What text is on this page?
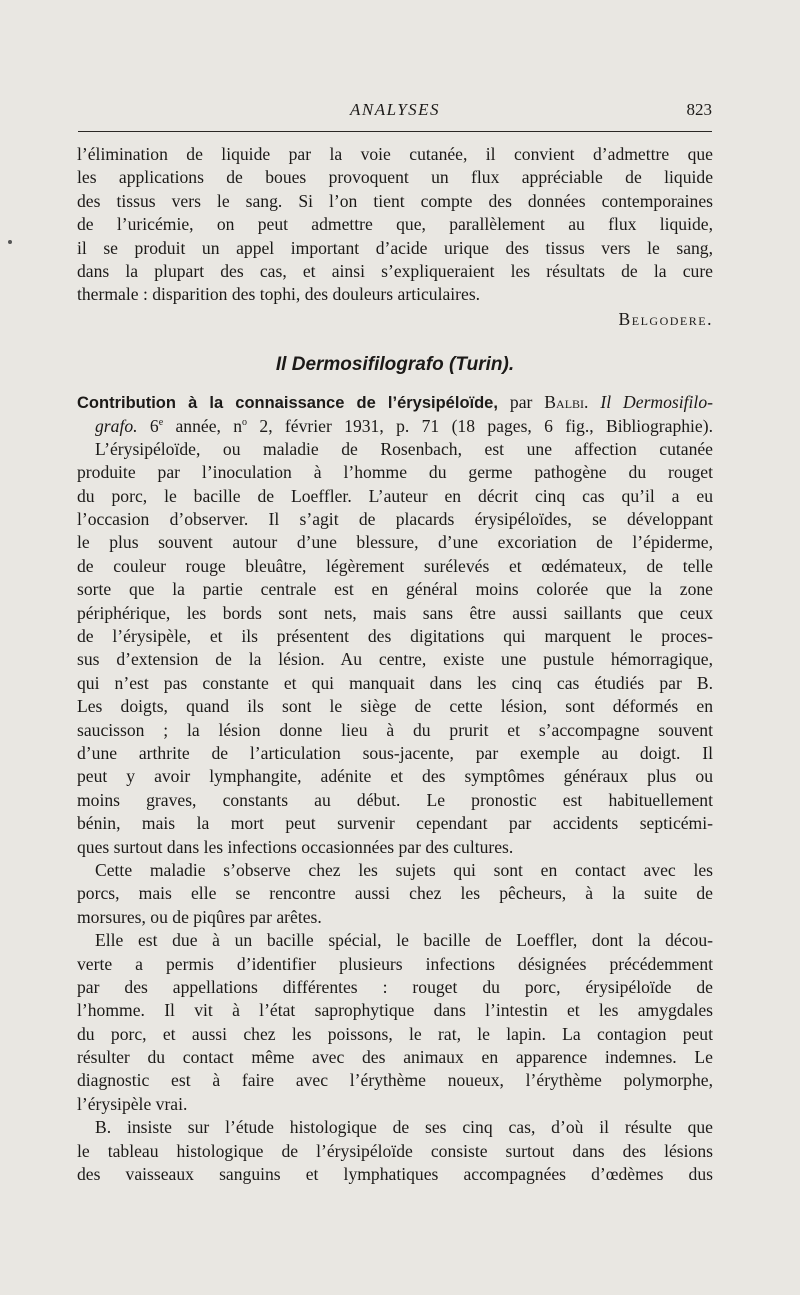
ANALYSES	823
l’élimination de liquide par la voie cutanée, il convient d’admettre que
les applications de boues provoquent un flux appréciable de liquide
des tissus vers le sang. Si l’on tient compte des données contemporaines
de l’uricémie, on peut admettre que, parallèlement au flux liquide,
il se produit un appel important d’acide urique des tissus vers le sang,
dans la plupart des cas, et ainsi s’expliqueraient les résultats de la cure
thermale : disparition des tophi, des douleurs articulaires.
Belgodere.
Il Dermosifilografo (Turin).
Contribution à la connaissance de l’érysipéloïde, par Balbi. Il Dermosifilo-
grafo. 6e année, $n^o$ 2, février 1931, p. 71 (18 pages, 6 fig., Bibliographie).
L’érysipéloïde, ou maladie de Rosenbach, est une affection cutanée
produite par l’inoculation à l’homme du germe pathogène du rouget
du porc, le bacille de Loeffler. L’auteur en décrit cinq cas qu’il a eu
l’occasion d’observer. Il s’agit de placards érysipéloïdes, se développant
le plus souvent autour d’une blessure, d’une excoriation de l’épiderme,
de couleur rouge bleuâtre, légèrement surélevés et œdémateux, de telle
sorte que la partie centrale est en général moins colorée que la zone
périphérique, les bords sont nets, mais sans être aussi saillants que ceux
de l’érysipèle, et ils présentent des digitations qui marquent le proces-
sus d’extension de la lésion. Au centre, existe une pustule hémorragique,
qui n’est pas constante et qui manquait dans les cinq cas étudiés par B.
Les doigts, quand ils sont le siège de cette lésion, sont déformés en
saucisson ; la lésion donne lieu à du prurit et s’accompagne souvent
d’une arthrite de l’articulation sous-jacente, par exemple au doigt. Il
peut y avoir lymphangite, adénite et des symptômes généraux plus ou
moins graves, constants au début. Le pronostic est habituellement
bénin, mais la mort peut survenir cependant par accidents septicémi-
ques surtout dans les infections occasionnées par des cultures.
Cette maladie s’observe chez les sujets qui sont en contact avec les
porcs, mais elle se rencontre aussi chez les pêcheurs, à la suite de
morsures, ou de piqûres par arêtes.
Elle est due à un bacille spécial, le bacille de Loeffler, dont la décou-
verte a permis d’identifier plusieurs infections désignées précédemment
par des appellations différentes : rouget du porc, érysipéloïde de
l’homme. Il vit à l’état saprophytique dans l’intestin et les amygdales
du porc, et aussi chez les poissons, le rat, le lapin. La contagion peut
résulter du contact même avec des animaux en apparence indemnes. Le
diagnostic est à faire avec l’érythème noueux, l’érythème polymorphe,
l’érysipèle vrai.
B. insiste sur l’étude histologique de ses cinq cas, d’où il résulte que
le tableau histologique de l’érysipéloïde consiste surtout dans des lésions
des vaisseaux sanguins et lymphatiques accompagnées d’œdèmes dus
